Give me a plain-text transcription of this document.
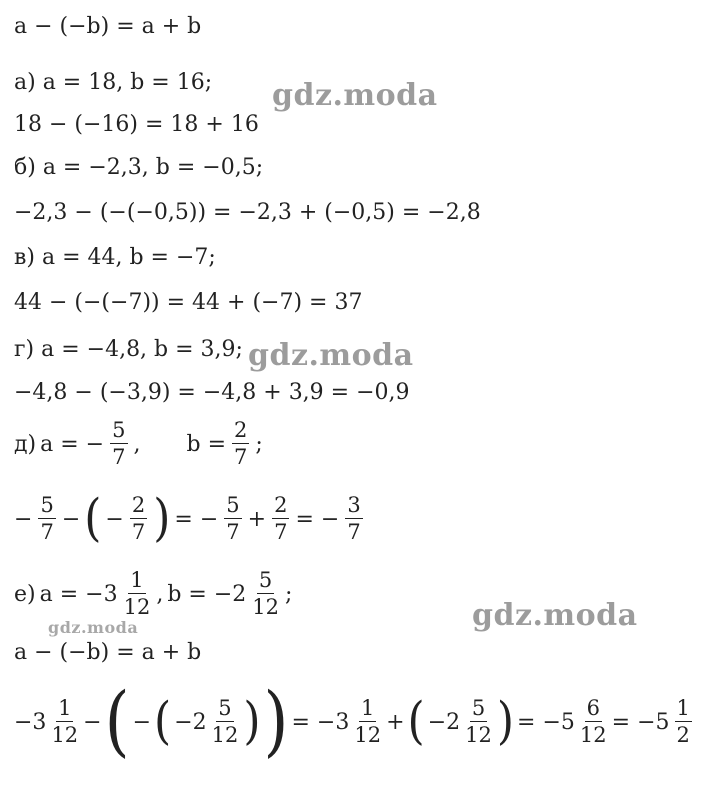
gdz.moda
gdz.moda
gdz.moda
gdz.moda
a − (−b) = a + b
а) a = 18, b = 16;
18 − (−16) = 18 + 16
б) a = −2,3, b = −0,5;
−2,3 − (−(−0,5)) = −2,3 + (−0,5) = −2,8
в) a = 44, b = −7;
44 − (−(−7)) = 44 + (−7) = 37
г) a = −4,8, b = 3,9;
−4,8 − (−3,9) = −4,8 + 3,9 = −0,9
д) a = − $\frac{5}{7}$ , $b = \frac{2}{7}$ ;
− $\frac{5}{7}$ − ( − $\frac{2}{7}$ ) = − $\frac{5}{7} + \frac{2}{7}$ = − $\frac{3}{7}$
е) $a = -3 \frac{1}{12}$ , $b = -2 \frac{5}{12}$ ;
a − (−b) = a + b
$-3 \frac{1}{12}$ − ( − ( $-2 \frac{5}{12}$ ) ) = $-3 \frac{1}{12}$ + ( $-2 \frac{5}{12}$ ) = $-5 \frac{6}{12} = -5 \frac{1}{2}$
